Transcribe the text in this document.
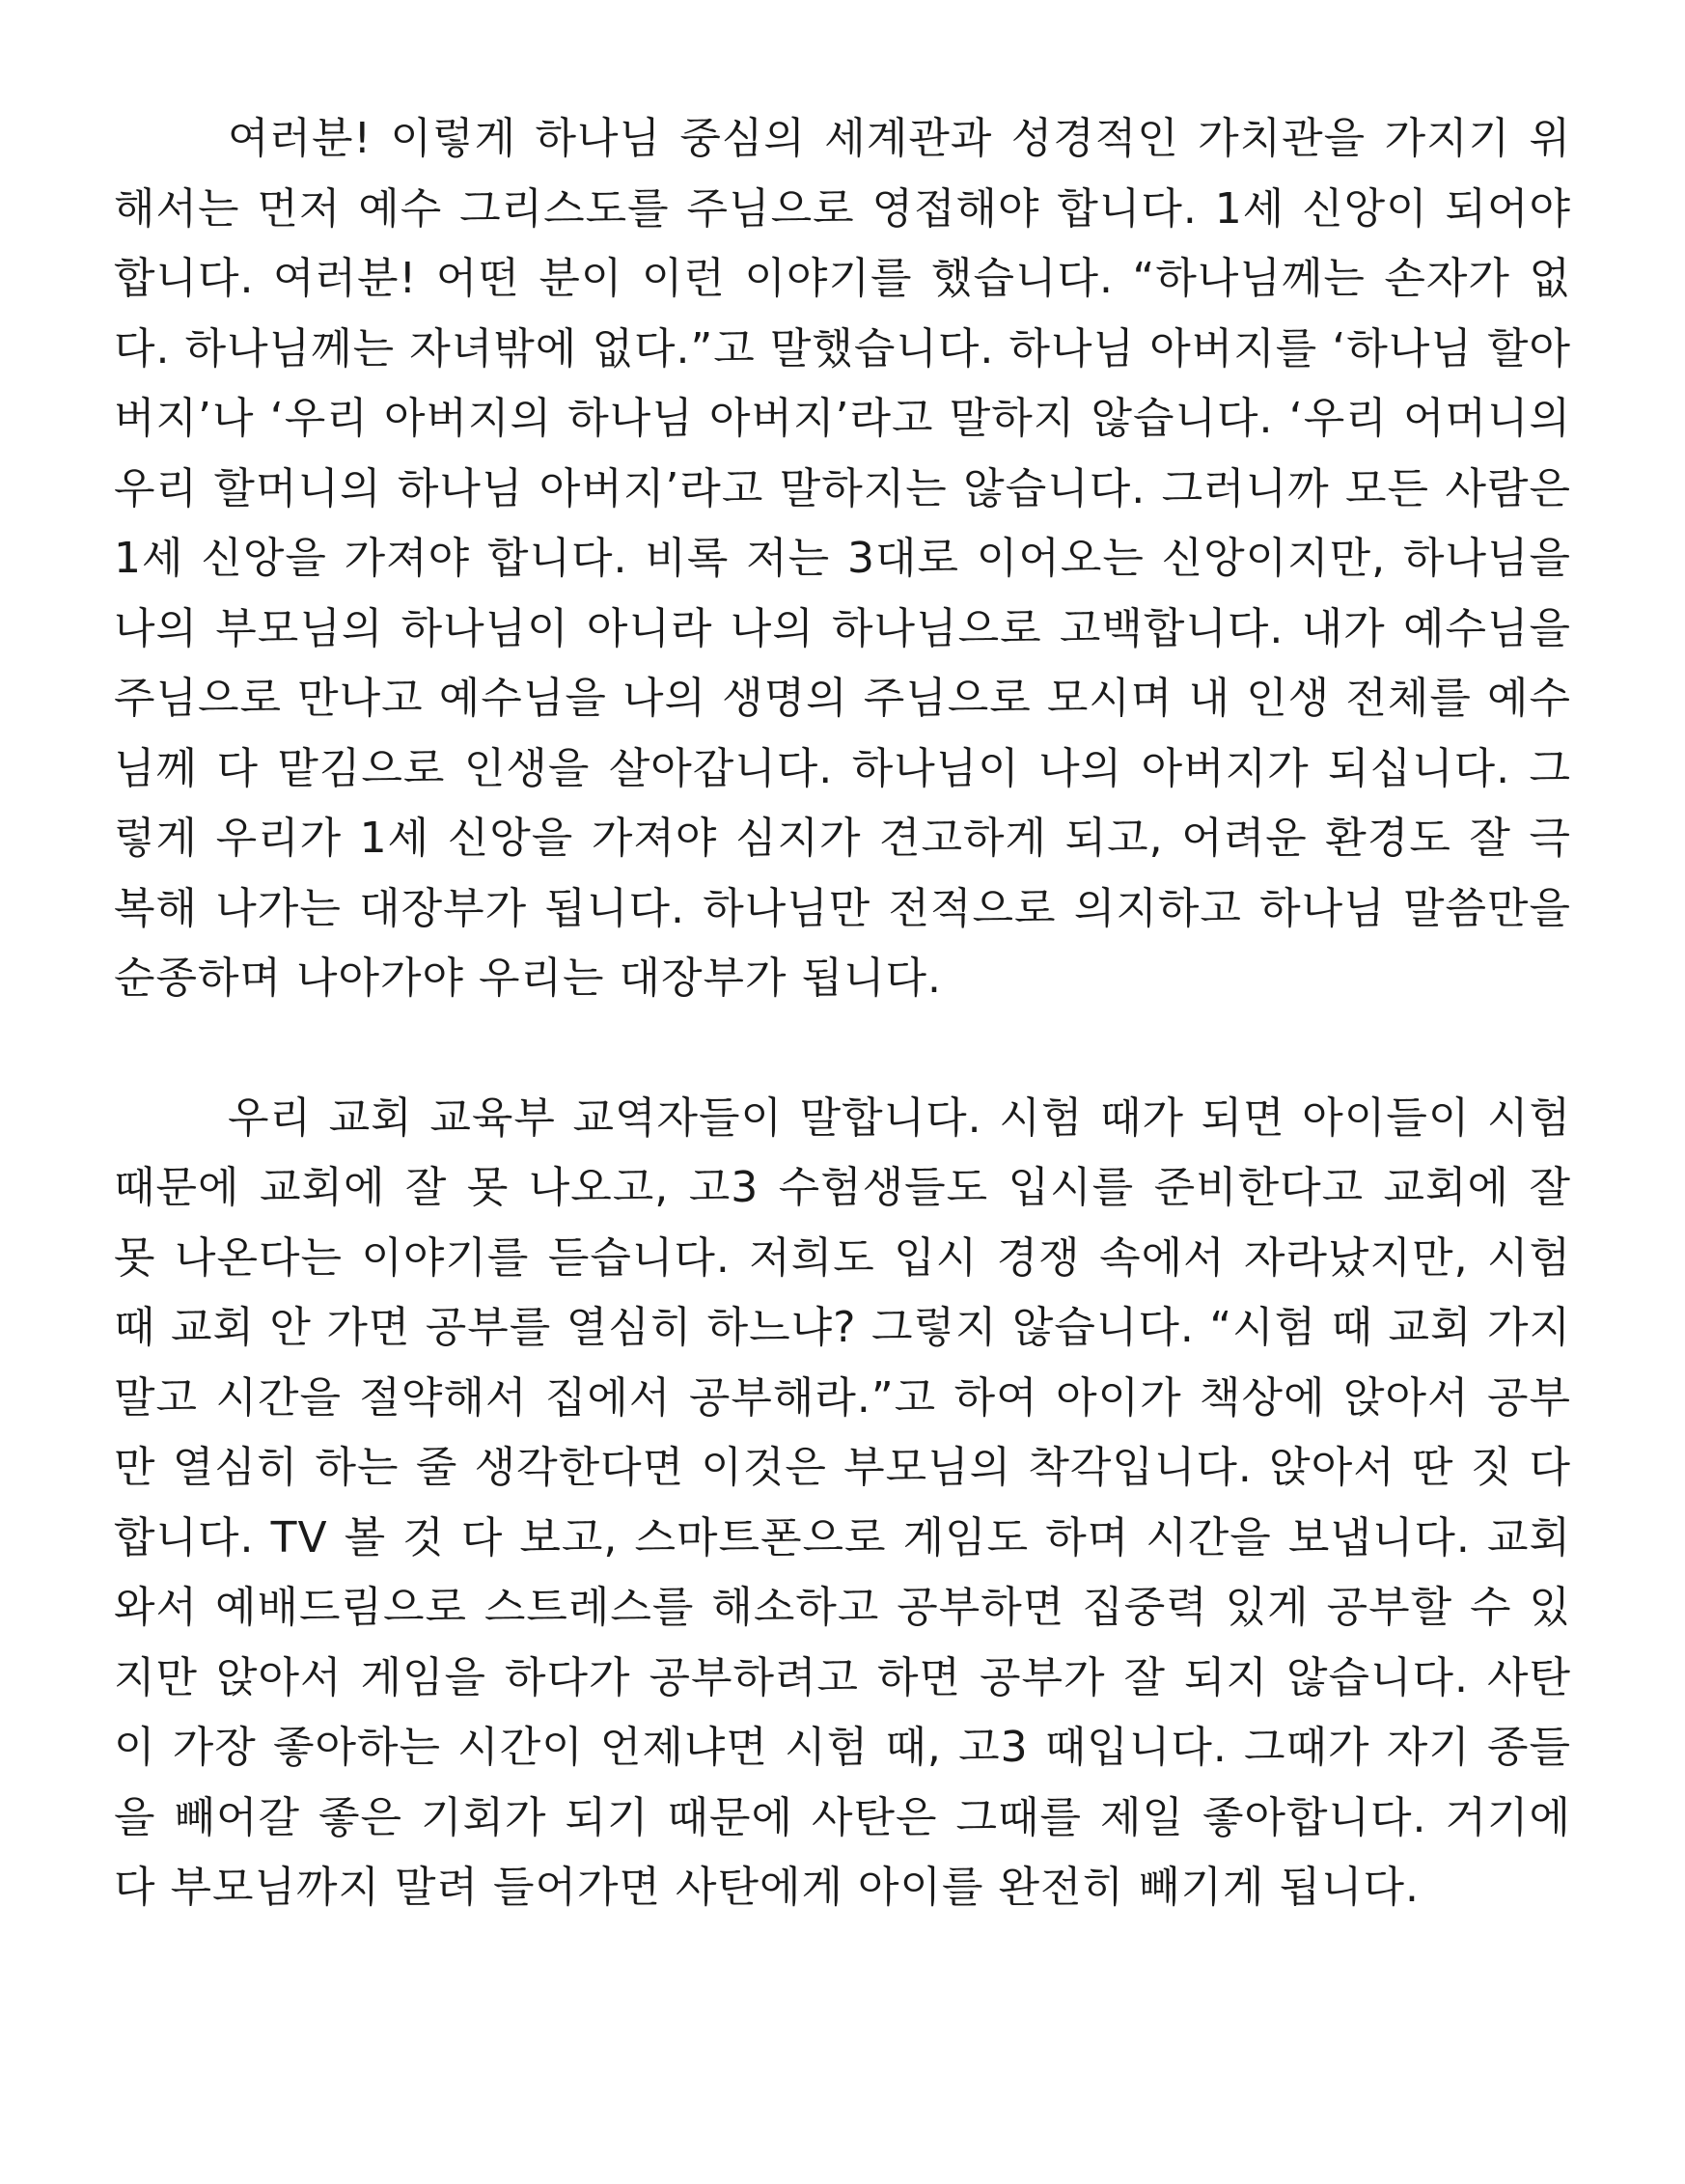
여러분! 이렇게 하나님 중심의 세계관과 성경적인 가치관을 가지기 위해서는 먼저 예수 그리스도를 주님으로 영접해야 합니다. 1세 신앙이 되어야 합니다. 여러분! 어떤 분이 이런 이야기를 했습니다. “하나님께는 손자가 없다. 하나님께는 자녀밖에 없다.”고 말했습니다. 하나님 아버지를 ‘하나님 할아버지’나 ‘우리 아버지의 하나님 아버지’라고 말하지 않습니다. ‘우리 어머니의 우리 할머니의 하나님 아버지’라고 말하지는 않습니다. 그러니까 모든 사람은 1세 신앙을 가져야 합니다. 비록 저는 3대로 이어오는 신앙이지만, 하나님을 나의 부모님의 하나님이 아니라 나의 하나님으로 고백합니다. 내가 예수님을 주님으로 만나고 예수님을 나의 생명의 주님으로 모시며 내 인생 전체를 예수님께 다 맡김으로 인생을 살아갑니다. 하나님이 나의 아버지가 되십니다. 그렇게 우리가 1세 신앙을 가져야 심지가 견고하게 되고, 어려운 환경도 잘 극복해 나가는 대장부가 됩니다. 하나님만 전적으로 의지하고 하나님 말씀만을 순종하며 나아가야 우리는 대장부가 됩니다.

우리 교회 교육부 교역자들이 말합니다. 시험 때가 되면 아이들이 시험 때문에 교회에 잘 못 나오고, 고3 수험생들도 입시를 준비한다고 교회에 잘 못 나온다는 이야기를 듣습니다. 저희도 입시 경쟁 속에서 자라났지만, 시험 때 교회 안 가면 공부를 열심히 하느냐? 그렇지 않습니다. “시험 때 교회 가지 말고 시간을 절약해서 집에서 공부해라.”고 하여 아이가 책상에 앉아서 공부만 열심히 하는 줄 생각한다면 이것은 부모님의 착각입니다. 앉아서 딴 짓 다 합니다. TV 볼 것 다 보고, 스마트폰으로 게임도 하며 시간을 보냅니다. 교회 와서 예배드림으로 스트레스를 해소하고 공부하면 집중력 있게 공부할 수 있지만 앉아서 게임을 하다가 공부하려고 하면 공부가 잘 되지 않습니다. 사탄이 가장 좋아하는 시간이 언제냐면 시험 때, 고3 때입니다. 그때가 자기 종들을 빼어갈 좋은 기회가 되기 때문에 사탄은 그때를 제일 좋아합니다. 거기에다 부모님까지 말려 들어가면 사탄에게 아이를 완전히 빼기게 됩니다.
